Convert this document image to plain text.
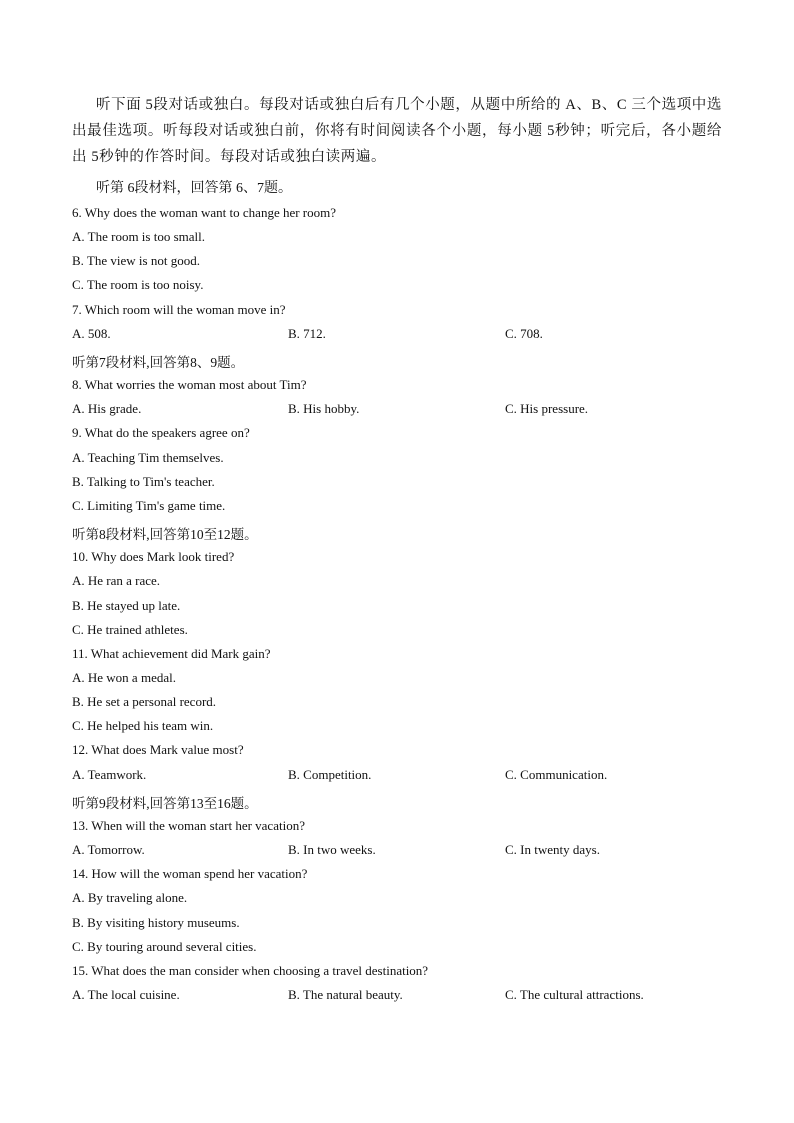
听下面 5段对话或独白。每段对话或独白后有几个小题，从题中所给的 A、B、C 三个选项中选出最佳选项。听每段对话或独白前，你将有时间阅读各个小题，每小题 5秒钟；听完后，各小题给出 5秒钟的作答时间。每段对话或独白读两遍。
听第 6段材料，回答第 6、7题。
6. Why does the woman want to change her room?
A. The room is too small.
B. The view is not good.
C. The room is too noisy.
7. Which room will the woman move in?
A. 508.	B. 712.	C. 708.
听第7段材料,回答第8、9题。
8. What worries the woman most about Tim?
A. His grade.	B. His hobby.	C. His pressure.
9. What do the speakers agree on?
A. Teaching Tim themselves.
B. Talking to Tim's teacher.
C. Limiting Tim's game time.
听第8段材料,回答第10至12题。
10. Why does Mark look tired?
A. He ran a race.
B. He stayed up late.
C. He trained athletes.
11. What achievement did Mark gain?
A. He won a medal.
B. He set a personal record.
C. He helped his team win.
12. What does Mark value most?
A. Teamwork.	B. Competition.	C. Communication.
听第9段材料,回答第13至16题。
13. When will the woman start her vacation?
A. Tomorrow.	B. In two weeks.	C. In twenty days.
14. How will the woman spend her vacation?
A. By traveling alone.
B. By visiting history museums.
C. By touring around several cities.
15. What does the man consider when choosing a travel destination?
A. The local cuisine.	B. The natural beauty.	C. The cultural attractions.
